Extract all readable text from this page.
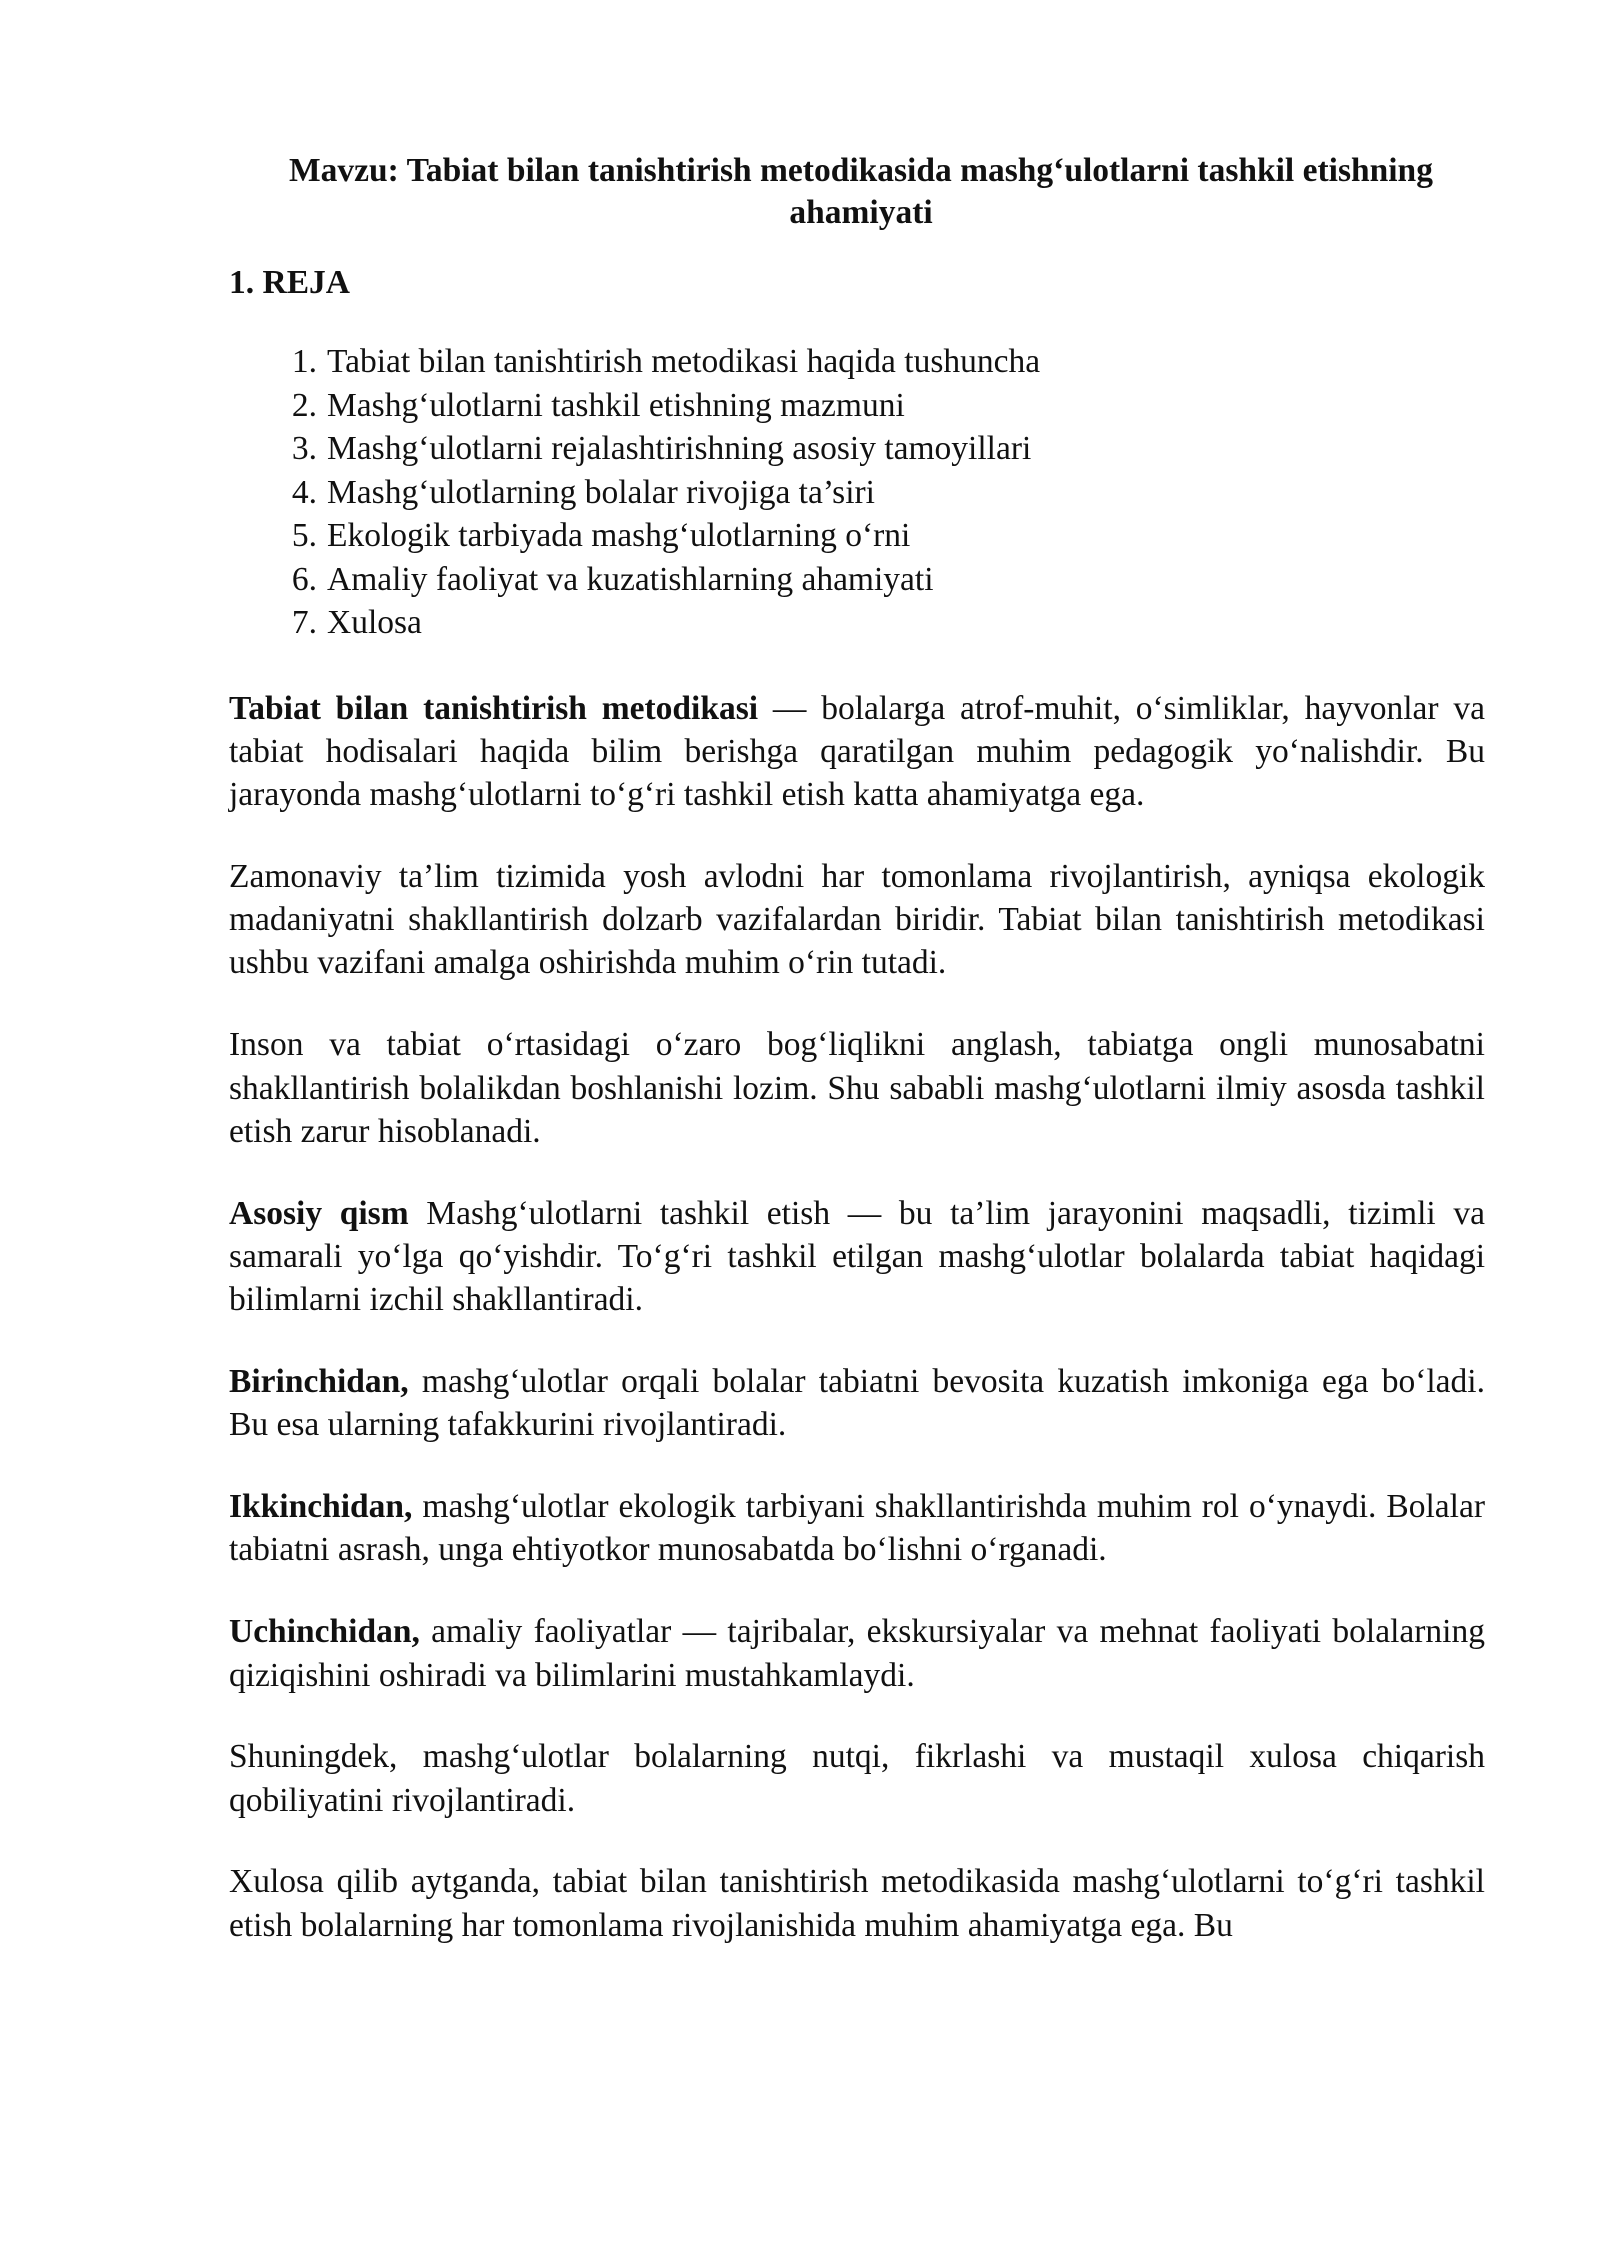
Mavzu: Tabiat bilan tanishtirish metodikasida mashg‘ulotlarni tashkil etishning ahamiyati
1. REJA
1. Tabiat bilan tanishtirish metodikasi haqida tushuncha
2. Mashg‘ulotlarni tashkil etishning mazmuni
3. Mashg‘ulotlarni rejalashtirishning asosiy tamoyillari
4. Mashg‘ulotlarning bolalar rivojiga ta’siri
5. Ekologik tarbiyada mashg‘ulotlarning o‘rni
6. Amaliy faoliyat va kuzatishlarning ahamiyati
7. Xulosa

Tabiat bilan tanishtirish metodikasi — bolalarga atrof-muhit, o‘simliklar, hayvonlar va tabiat hodisalari haqida bilim berishga qaratilgan muhim pedagogik yo‘nalishdir. Bu jarayonda mashg‘ulotlarni to‘g‘ri tashkil etish katta ahamiyatga ega.

Zamonaviy ta’lim tizimida yosh avlodni har tomonlama rivojlantirish, ayniqsa ekologik madaniyatni shakllantirish dolzarb vazifalardan biridir. Tabiat bilan tanishtirish metodikasi ushbu vazifani amalga oshirishda muhim o‘rin tutadi.

Inson va tabiat o‘rtasidagi o‘zaro bog‘liqlikni anglash, tabiatga ongli munosabatni shakllantirish bolalikdan boshlanishi lozim. Shu sababli mashg‘ulotlarni ilmiy asosda tashkil etish zarur hisoblanadi.

Asosiy qism Mashg‘ulotlarni tashkil etish — bu ta’lim jarayonini maqsadli, tizimli va samarali yo‘lga qo‘yishdir. To‘g‘ri tashkil etilgan mashg‘ulotlar bolalarda tabiat haqidagi bilimlarni izchil shakllantiradi.

Birinchidan, mashg‘ulotlar orqali bolalar tabiatni bevosita kuzatish imkoniga ega bo‘ladi. Bu esa ularning tafakkurini rivojlantiradi.

Ikkinchidan, mashg‘ulotlar ekologik tarbiyani shakllantirishda muhim rol o‘ynaydi. Bolalar tabiatni asrash, unga ehtiyotkor munosabatda bo‘lishni o‘rganadi.

Uchinchidan, amaliy faoliyatlar — tajribalar, ekskursiyalar va mehnat faoliyati bolalarning qiziqishini oshiradi va bilimlarini mustahkamlaydi.

Shuningdek, mashg‘ulotlar bolalarning nutqi, fikrlashi va mustaqil xulosa chiqarish qobiliyatini rivojlantiradi.

Xulosa qilib aytganda, tabiat bilan tanishtirish metodikasida mashg‘ulotlarni to‘g‘ri tashkil etish bolalarning har tomonlama rivojlanishida muhim ahamiyatga ega. Bu
